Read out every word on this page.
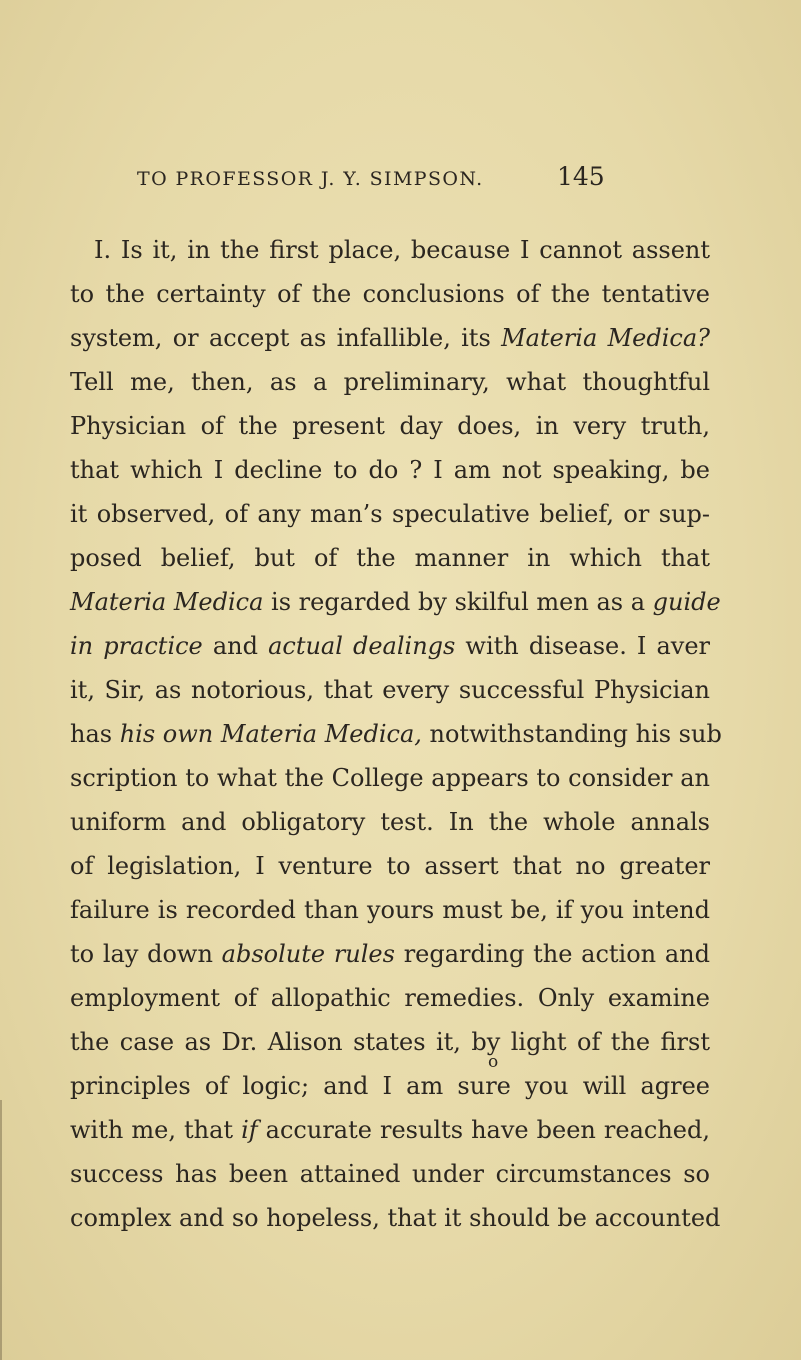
TO PROFESSOR J. Y. SIMPSON.	145
I. Is it, in the first place, because I cannot assent
to the certainty of the conclusions of the tentative
system, or accept as infallible, its Materia Medica?
Tell me, then, as a preliminary, what thoughtful
Physician of the present day does, in very truth,
that which I decline to do ? I am not speaking, be
it observed, of any man’s speculative belief, or sup-
posed belief, but of the manner in which that
Materia Medica is regarded by skilful men as a guide
in practice and actual dealings with disease. I aver
it, Sir, as notorious, that every successful Physician
has his own Materia Medica, notwithstanding his sub
scription to what the College appears to consider an
uniform and obligatory test. In the whole annals
of legislation, I venture to assert that no greater
failure is recorded than yours must be, if you intend
to lay down absolute rules regarding the action and
employment of allopathic remedies. Only examine
the case as Dr. Alison states it, by light of the first
principles of logic; and I am sure you will agree
with me, that if accurate results have been reached,
success has been attained under circumstances so
complex and so hopeless, that it should be accounted
o
